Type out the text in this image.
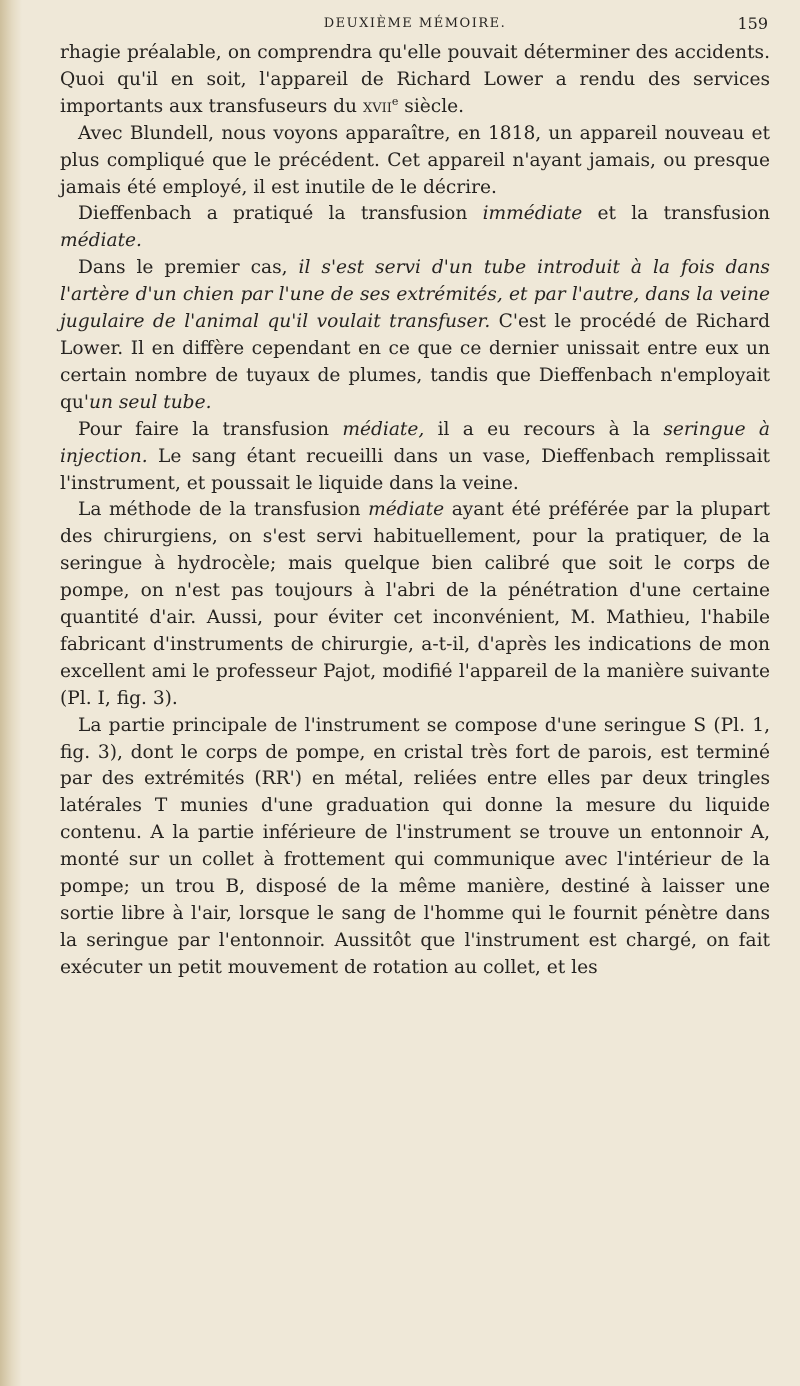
DEUXIÈME MÉMOIRE.	159

rhagie préalable, on comprendra qu'elle pouvait déterminer des accidents. Quoi qu'il en soit, l'appareil de Richard Lower a rendu des services importants aux transfuseurs du xvii$^e$ siècle.

Avec Blundell, nous voyons apparaître, en 1818, un appareil nouveau et plus compliqué que le précédent. Cet appareil n'ayant jamais, ou presque jamais été employé, il est inutile de le décrire.

Dieffenbach a pratiqué la transfusion immédiate et la transfusion médiate.

Dans le premier cas, il s'est servi d'un tube introduit à la fois dans l'artère d'un chien par l'une de ses extrémités, et par l'autre, dans la veine jugulaire de l'animal qu'il voulait transfuser. C'est le procédé de Richard Lower. Il en diffère cependant en ce que ce dernier unissait entre eux un certain nombre de tuyaux de plumes, tandis que Dieffenbach n'employait qu'un seul tube.

Pour faire la transfusion médiate, il a eu recours à la seringue à injection. Le sang étant recueilli dans un vase, Dieffenbach remplissait l'instrument, et poussait le liquide dans la veine.

La méthode de la transfusion médiate ayant été préférée par la plupart des chirurgiens, on s'est servi habituellement, pour la pratiquer, de la seringue à hydrocèle; mais quelque bien calibré que soit le corps de pompe, on n'est pas toujours à l'abri de la pénétration d'une certaine quantité d'air. Aussi, pour éviter cet inconvénient, M. Mathieu, l'habile fabricant d'instruments de chirurgie, a-t-il, d'après les indications de mon excellent ami le professeur Pajot, modifié l'appareil de la manière suivante (Pl. I, fig. 3).

La partie principale de l'instrument se compose d'une seringue S (Pl. 1, fig. 3), dont le corps de pompe, en cristal très fort de parois, est terminé par des extrémités (RR') en métal, reliées entre elles par deux tringles latérales T munies d'une graduation qui donne la mesure du liquide contenu. A la partie inférieure de l'instrument se trouve un entonnoir A, monté sur un collet à frottement qui communique avec l'intérieur de la pompe; un trou B, disposé de la même manière, destiné à laisser une sortie libre à l'air, lorsque le sang de l'homme qui le fournit pénètre dans la seringue par l'entonnoir. Aussitôt que l'instrument est chargé, on fait exécuter un petit mouvement de rotation au collet, et les
